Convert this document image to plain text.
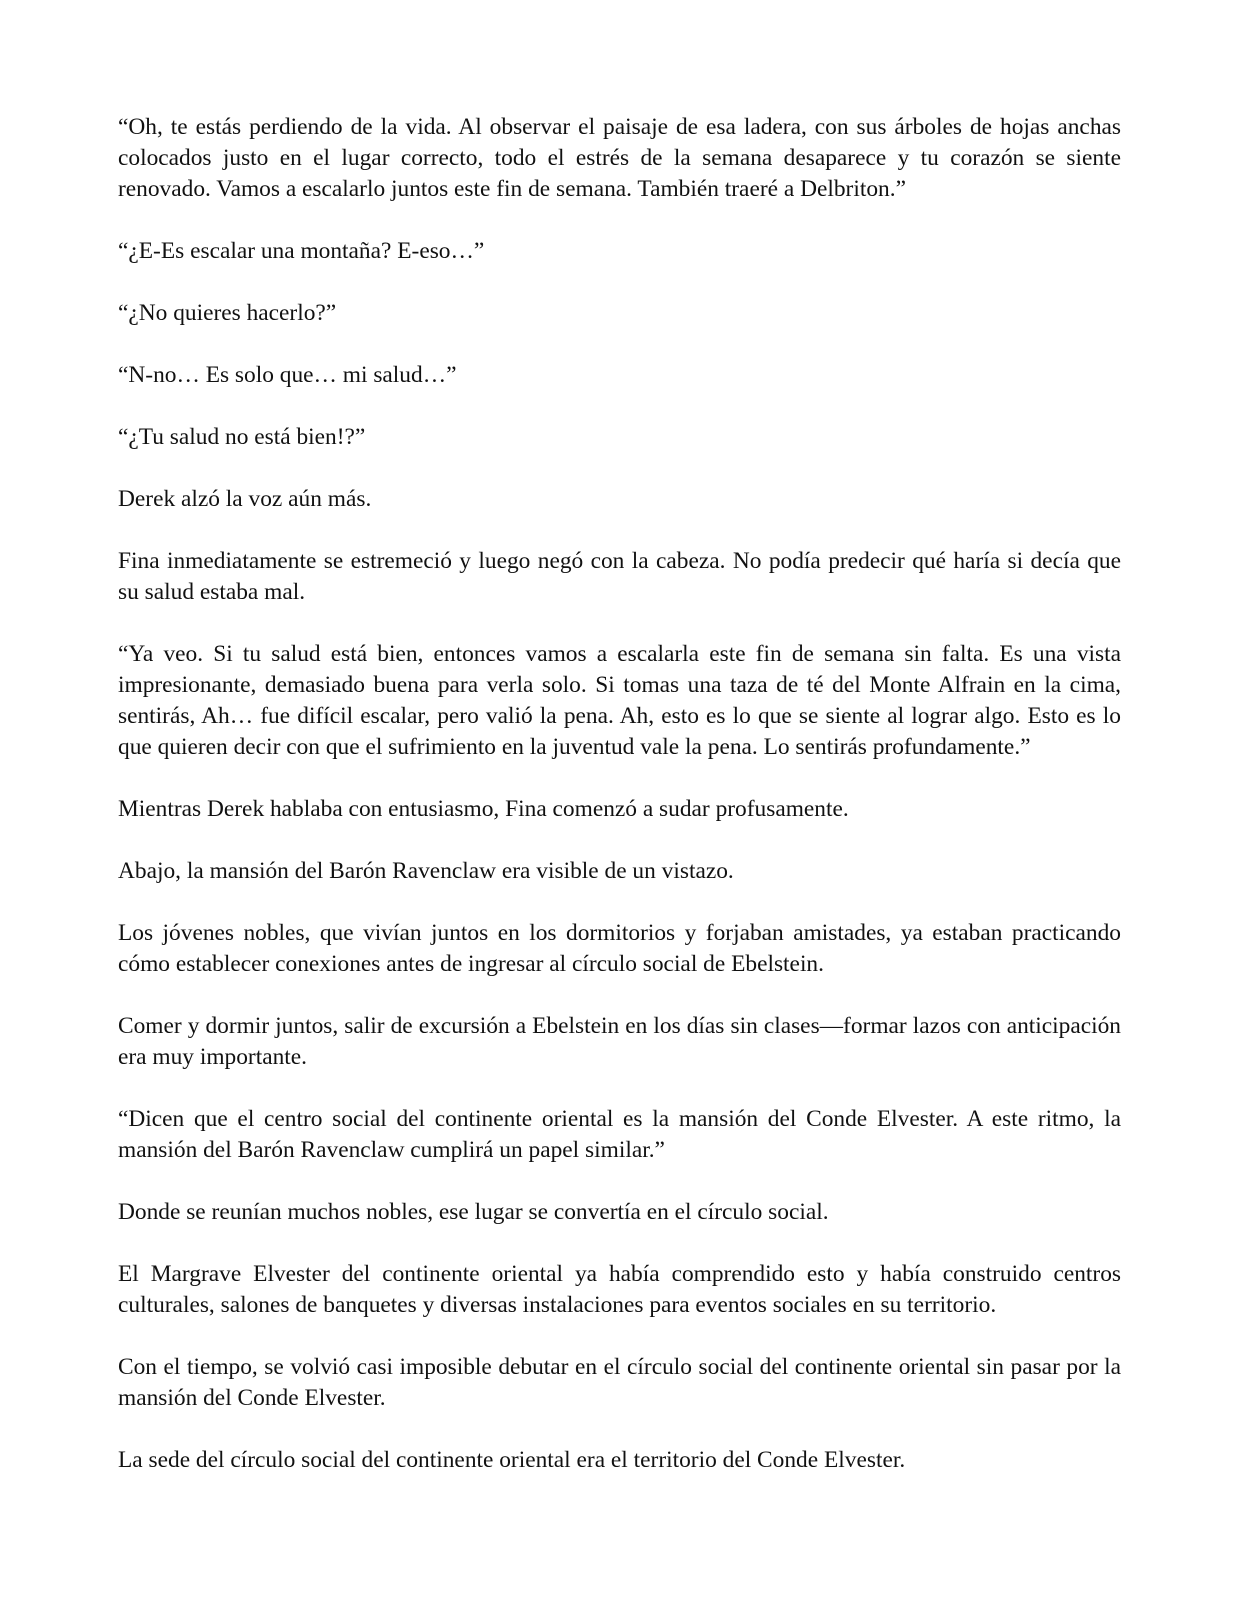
“Oh, te estás perdiendo de la vida. Al observar el paisaje de esa ladera, con sus árboles de hojas anchas colocados justo en el lugar correcto, todo el estrés de la semana desaparece y tu corazón se siente renovado. Vamos a escalarlo juntos este fin de semana. También traeré a Delbriton.”

“¿E-Es escalar una montaña? E-eso…”

“¿No quieres hacerlo?”

“N-no… Es solo que… mi salud…”

“¿Tu salud no está bien!?”

Derek alzó la voz aún más.

Fina inmediatamente se estremeció y luego negó con la cabeza. No podía predecir qué haría si decía que su salud estaba mal.

“Ya veo. Si tu salud está bien, entonces vamos a escalarla este fin de semana sin falta. Es una vista impresionante, demasiado buena para verla solo. Si tomas una taza de té del Monte Alfrain en la cima, sentirás, Ah… fue difícil escalar, pero valió la pena. Ah, esto es lo que se siente al lograr algo. Esto es lo que quieren decir con que el sufrimiento en la juventud vale la pena. Lo sentirás profundamente.”

Mientras Derek hablaba con entusiasmo, Fina comenzó a sudar profusamente.

Abajo, la mansión del Barón Ravenclaw era visible de un vistazo.

Los jóvenes nobles, que vivían juntos en los dormitorios y forjaban amistades, ya estaban practicando cómo establecer conexiones antes de ingresar al círculo social de Ebelstein.

Comer y dormir juntos, salir de excursión a Ebelstein en los días sin clases—formar lazos con anticipación era muy importante.

“Dicen que el centro social del continente oriental es la mansión del Conde Elvester. A este ritmo, la mansión del Barón Ravenclaw cumplirá un papel similar.”

Donde se reunían muchos nobles, ese lugar se convertía en el círculo social.

El Margrave Elvester del continente oriental ya había comprendido esto y había construido centros culturales, salones de banquetes y diversas instalaciones para eventos sociales en su territorio.

Con el tiempo, se volvió casi imposible debutar en el círculo social del continente oriental sin pasar por la mansión del Conde Elvester.

La sede del círculo social del continente oriental era el territorio del Conde Elvester.
